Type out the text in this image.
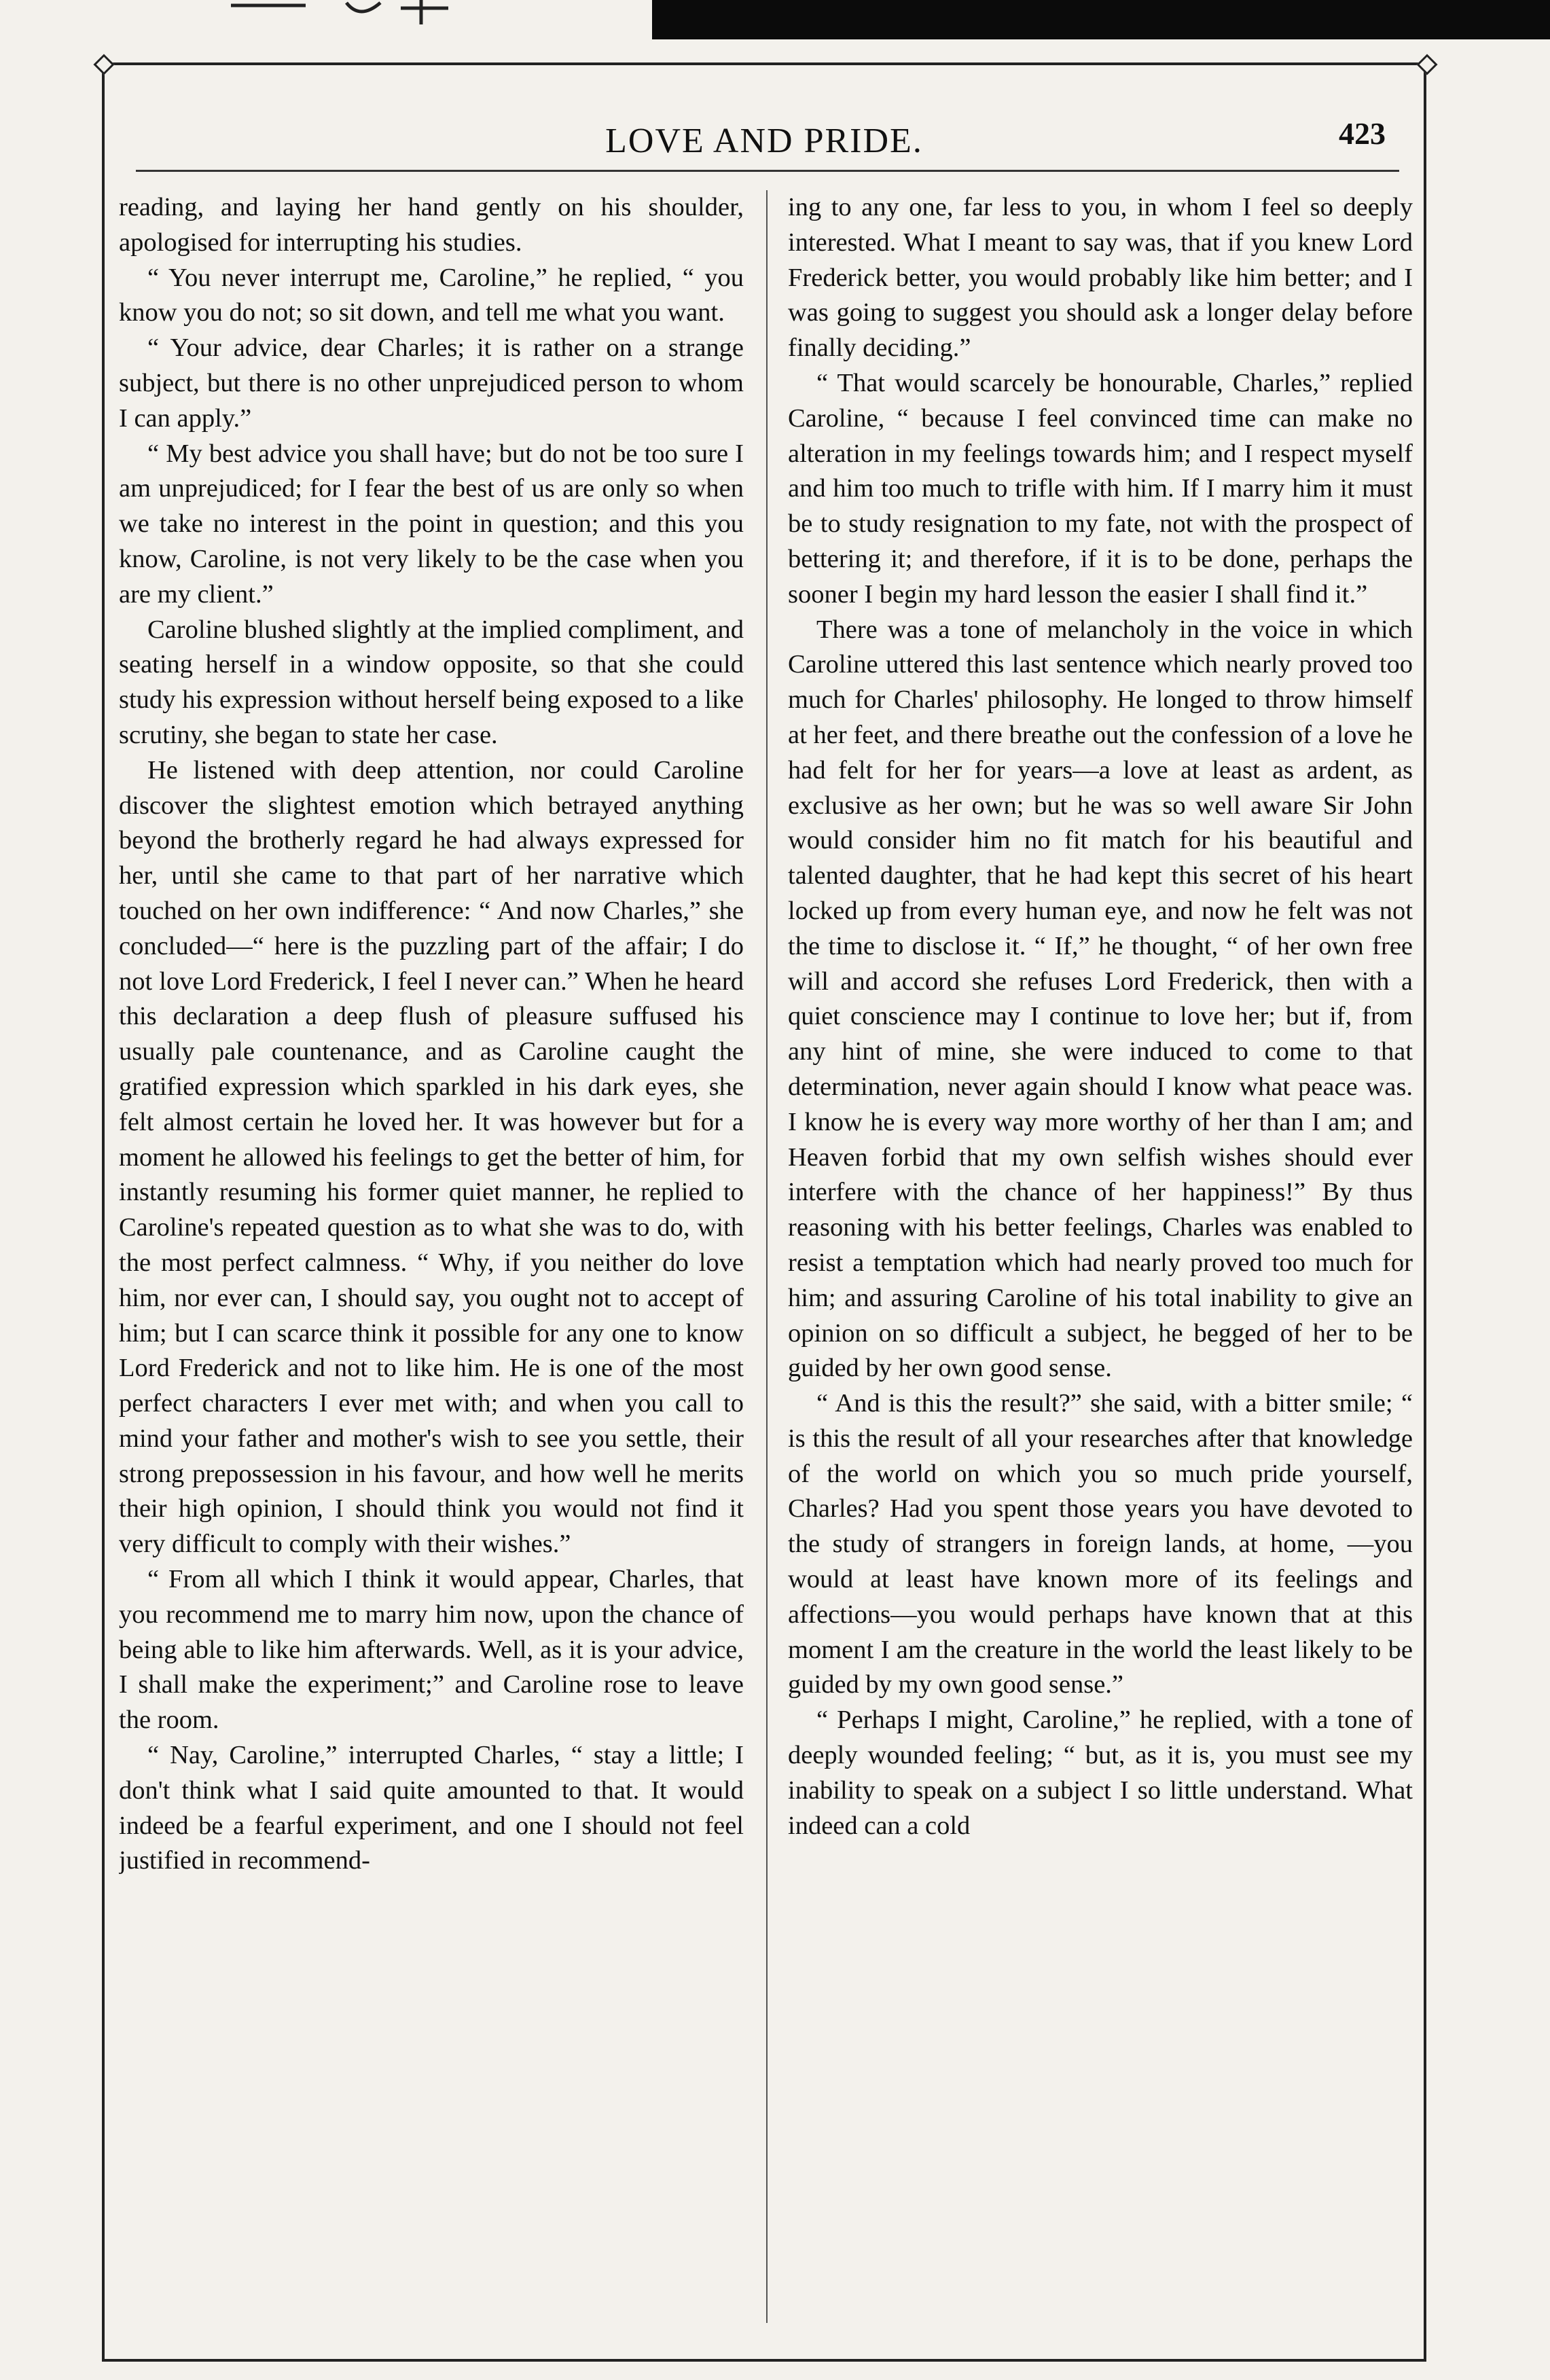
LOVE AND PRIDE.	423

reading, and laying her hand gently on his shoulder, apologised for interrupting his studies.

“ You never interrupt me, Caroline,” he replied, “ you know you do not; so sit down, and tell me what you want.

“ Your advice, dear Charles; it is rather on a strange subject, but there is no other unprejudiced person to whom I can apply.”

“ My best advice you shall have; but do not be too sure I am unprejudiced; for I fear the best of us are only so when we take no interest in the point in question; and this you know, Caroline, is not very likely to be the case when you are my client.”

Caroline blushed slightly at the implied compliment, and seating herself in a window opposite, so that she could study his expression without herself being exposed to a like scrutiny, she began to state her case.

He listened with deep attention, nor could Caroline discover the slightest emotion which betrayed anything beyond the brotherly regard he had always expressed for her, until she came to that part of her narrative which touched on her own indifference: “ And now Charles,” she concluded—“ here is the puzzling part of the affair; I do not love Lord Frederick, I feel I never can.” When he heard this declaration a deep flush of pleasure suffused his usually pale countenance, and as Caroline caught the gratified expression which sparkled in his dark eyes, she felt almost certain he loved her. It was however but for a moment he allowed his feelings to get the better of him, for instantly resuming his former quiet manner, he replied to Caroline's repeated question as to what she was to do, with the most perfect calmness. “ Why, if you neither do love him, nor ever can, I should say, you ought not to accept of him; but I can scarce think it possible for any one to know Lord Frederick and not to like him. He is one of the most perfect characters I ever met with; and when you call to mind your father and mother's wish to see you settle, their strong prepossession in his favour, and how well he merits their high opinion, I should think you would not find it very difficult to comply with their wishes.”

“ From all which I think it would appear, Charles, that you recommend me to marry him now, upon the chance of being able to like him afterwards. Well, as it is your advice, I shall make the experiment;” and Caroline rose to leave the room.

“ Nay, Caroline,” interrupted Charles, “ stay a little; I don't think what I said quite amounted to that. It would indeed be a fearful experiment, and one I should not feel justified in recommend-

ing to any one, far less to you, in whom I feel so deeply interested. What I meant to say was, that if you knew Lord Frederick better, you would probably like him better; and I was going to suggest you should ask a longer delay before finally deciding.”

“ That would scarcely be honourable, Charles,” replied Caroline, “ because I feel convinced time can make no alteration in my feelings towards him; and I respect myself and him too much to trifle with him. If I marry him it must be to study resignation to my fate, not with the prospect of bettering it; and therefore, if it is to be done, perhaps the sooner I begin my hard lesson the easier I shall find it.”

There was a tone of melancholy in the voice in which Caroline uttered this last sentence which nearly proved too much for Charles' philosophy. He longed to throw himself at her feet, and there breathe out the confession of a love he had felt for her for years—a love at least as ardent, as exclusive as her own; but he was so well aware Sir John would consider him no fit match for his beautiful and talented daughter, that he had kept this secret of his heart locked up from every human eye, and now he felt was not the time to disclose it. “ If,” he thought, “ of her own free will and accord she refuses Lord Frederick, then with a quiet conscience may I continue to love her; but if, from any hint of mine, she were induced to come to that determination, never again should I know what peace was. I know he is every way more worthy of her than I am; and Heaven forbid that my own selfish wishes should ever interfere with the chance of her happiness!” By thus reasoning with his better feelings, Charles was enabled to resist a temptation which had nearly proved too much for him; and assuring Caroline of his total inability to give an opinion on so difficult a subject, he begged of her to be guided by her own good sense.

“ And is this the result?” she said, with a bitter smile; “ is this the result of all your researches after that knowledge of the world on which you so much pride yourself, Charles? Had you spent those years you have devoted to the study of strangers in foreign lands, at home, —you would at least have known more of its feelings and affections—you would perhaps have known that at this moment I am the creature in the world the least likely to be guided by my own good sense.”

“ Perhaps I might, Caroline,” he replied, with a tone of deeply wounded feeling; “ but, as it is, you must see my inability to speak on a subject I so little understand. What indeed can a cold
